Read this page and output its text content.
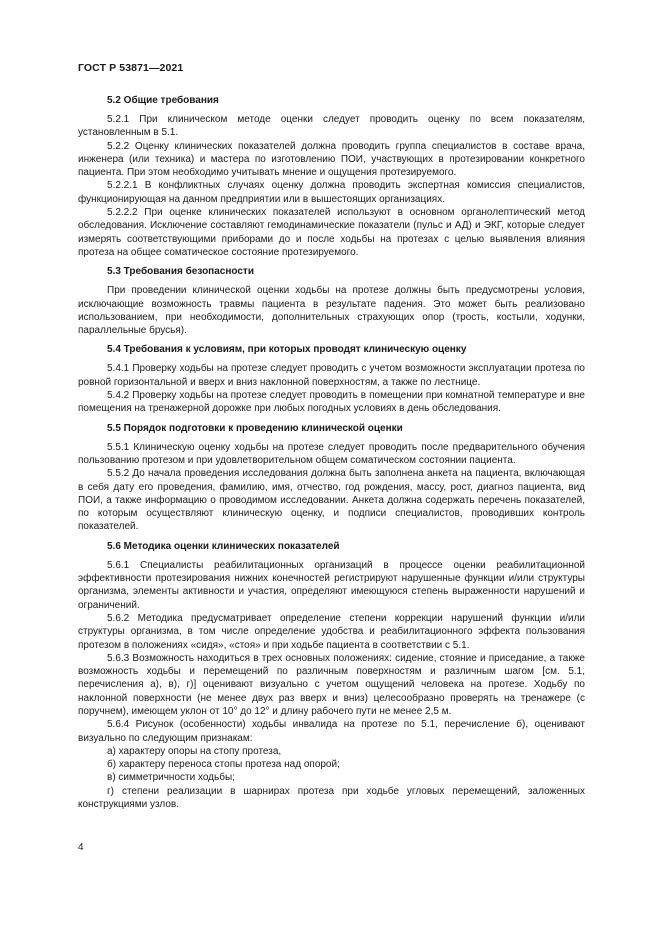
ГОСТ Р 53871—2021
5.2 Общие требования

5.2.1 При клиническом методе оценки следует проводить оценку по всем показателям, установленным в 5.1.

5.2.2 Оценку клинических показателей должна проводить группа специалистов в составе врача, инженера (или техника) и мастера по изготовлению ПОИ, участвующих в протезировании конкретного пациента. При этом необходимо учитывать мнение и ощущения протезируемого.

5.2.2.1 В конфликтных случаях оценку должна проводить экспертная комиссия специалистов, функционирующая на данном предприятии или в вышестоящих организациях.

5.2.2.2 При оценке клинических показателей используют в основном органолептический метод обследования. Исключение составляют гемодинамические показатели (пульс и АД) и ЭКГ, которые следует измерять соответствующими приборами до и после ходьбы на протезах с целью выявления влияния протеза на общее соматическое состояние протезируемого.

5.3 Требования безопасности

При проведении клинической оценки ходьбы на протезе должны быть предусмотрены условия, исключающие возможность травмы пациента в результате падения. Это может быть реализовано использованием, при необходимости, дополнительных страхующих опор (трость, костыли, ходунки, параллельные брусья).

5.4 Требования к условиям, при которых проводят клиническую оценку

5.4.1 Проверку ходьбы на протезе следует проводить с учетом возможности эксплуатации протеза по ровной горизонтальной и вверх и вниз наклонной поверхностям, а также по лестнице.

5.4.2 Проверку ходьбы на протезе следует проводить в помещении при комнатной температуре и вне помещения на тренажерной дорожке при любых погодных условиях в день обследования.

5.5 Порядок подготовки к проведению клинической оценки

5.5.1 Клиническую оценку ходьбы на протезе следует проводить после предварительного обучения пользованию протезом и при удовлетворительном общем соматическом состоянии пациента.

5.5.2 До начала проведения исследования должна быть заполнена анкета на пациента, включающая в себя дату его проведения, фамилию, имя, отчество, год рождения, массу, рост, диагноз пациента, вид ПОИ, а также информацию о проводимом исследовании. Анкета должна содержать перечень показателей, по которым осуществляют клиническую оценку, и подписи специалистов, проводивших контроль показателей.

5.6 Методика оценки клинических показателей

5.6.1 Специалисты реабилитационных организаций в процессе оценки реабилитационной эффективности протезирования нижних конечностей регистрируют нарушенные функции и/или структуры организма, элементы активности и участия, определяют имеющуюся степень выраженности нарушений и ограничений.

5.6.2 Методика предусматривает определение степени коррекции нарушений функции и/или структуры организма, в том числе определение удобства и реабилитационного эффекта пользования протезом в положениях «сидя», «стоя» и при ходьбе пациента в соответствии с 5.1.

5.6.3 Возможность находиться в трех основных положениях: сидение, стояние и приседание, а также возможность ходьбы и перемещений по различным поверхностям и различным шагом [см. 5.1, перечисления а), в), г)] оценивают визуально с учетом ощущений человека на протезе. Ходьбу по наклонной поверхности (не менее двух раз вверх и вниз) целесообразно проверять на тренажере (с поручнем), имеющем уклон от 10° до 12° и длину рабочего пути не менее 2,5 м.

5.6.4 Рисунок (особенности) ходьбы инвалида на протезе по 5.1, перечисление б), оценивают визуально по следующим признакам:

а) характеру опоры на стопу протеза,

б) характеру переноса стопы протеза над опорой;

в) симметричности ходьбы;

г) степени реализации в шарнирах протеза при ходьбе угловых перемещений, заложенных конструкциями узлов.

4
